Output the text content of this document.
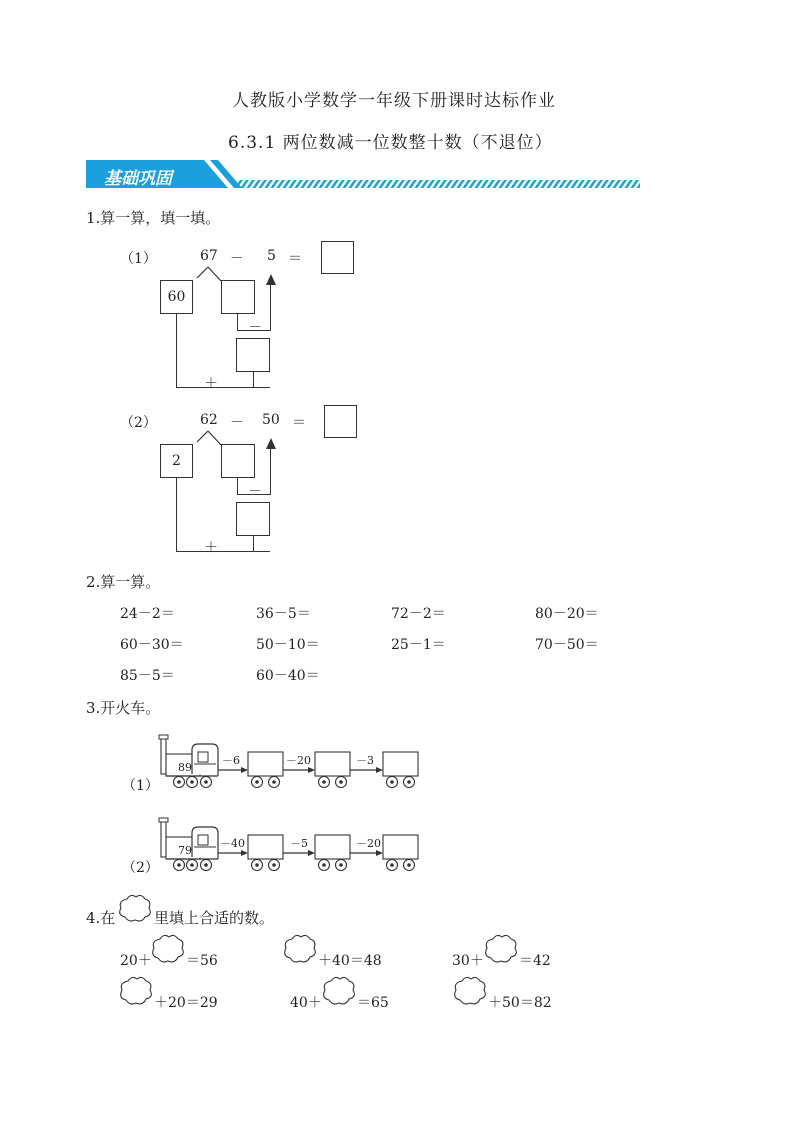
人教版小学数学一年级下册课时达标作业
6.3.1 两位数减一位数整十数（不退位）
基础巩固
1.算一算，填一填。
（1）	67 － 5 ＝
60
－
＋
（2）	62 － 50 ＝
2
－
＋
2.算一算。
24－2＝	36－5＝	72－2＝	80－20＝
60－30＝	50－10＝	25－1＝	70－50＝
85－5＝	60－40＝
3.开火车。
（1）
89
－6	－20	－3
（2）
79
－40	－5	－20
4.在	里填上合适的数。
20＋ ＝56	＋40＝48	30＋	＝42
＋20＝29	40＋	＝65	＋50＝82
